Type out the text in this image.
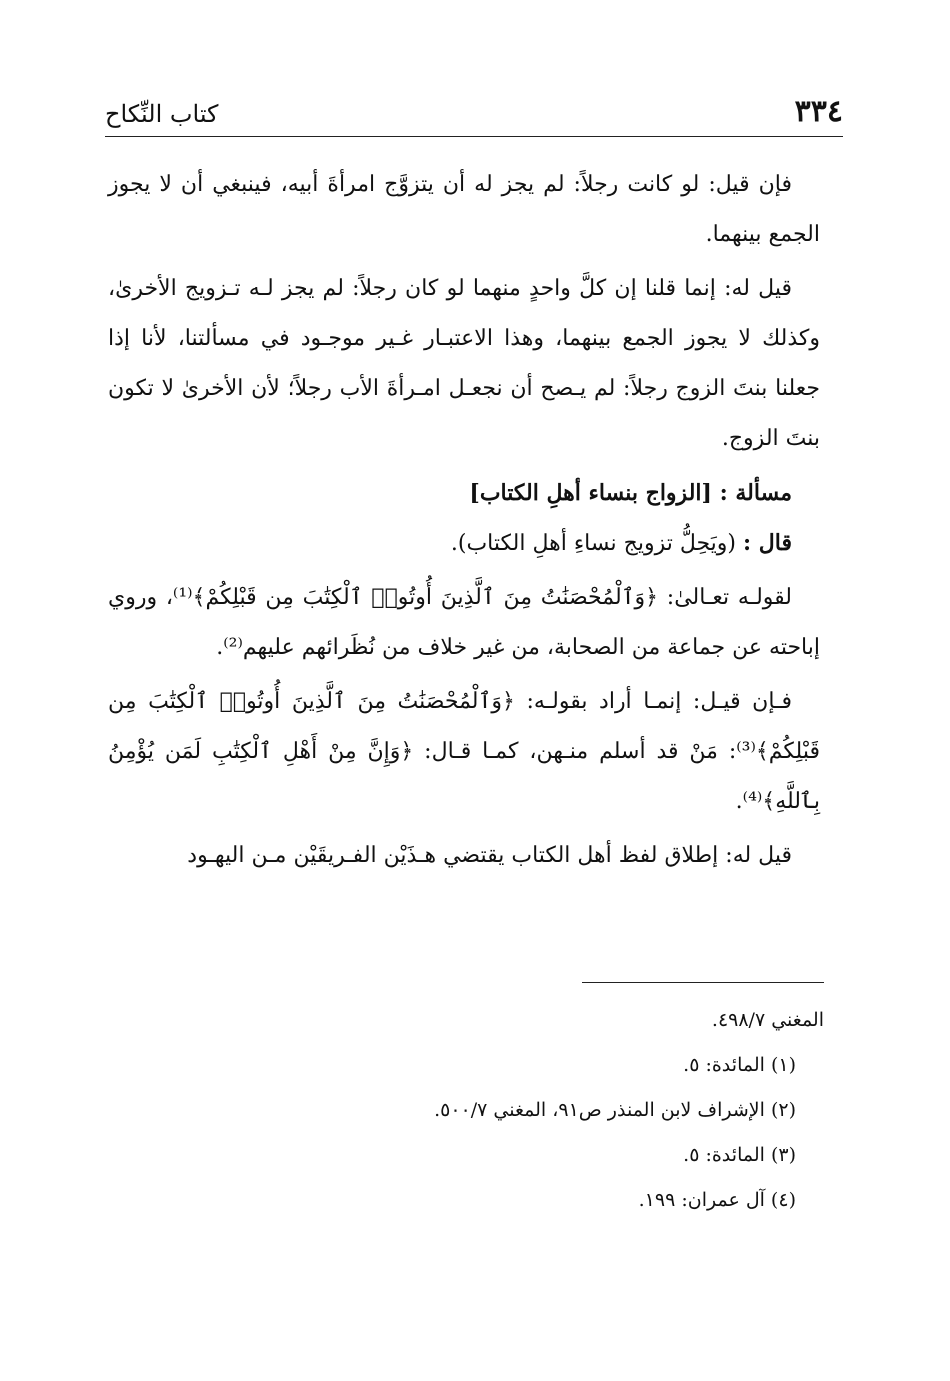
٣٣٤
كتاب النِّكاح

فإن قيل: لو كانت رجلاً: لم يجز له أن يتزوَّج امرأةَ أبيه، فينبغي أن لا يجوز الجمع بينهما.

قيل له: إنما قلنا إن كلَّ واحدٍ منهما لو كان رجلاً: لم يجز لـه تـزويج الأخرىٰ، وكذلك لا يجوز الجمع بينهما، وهذا الاعتبـار غـير موجـود في مسألتنا، لأنا إذا جعلنا بنتَ الزوج رجلاً: لم يـصح أن نجعـل امـرأةَ الأب رجلاً؛ لأن الأخرىٰ لا تكون بنتَ الزوج.

مسألة : [الزواج بنساء أهلِ الكتاب]

قال : (ويَحِلُّ تزويج نساءِ أهلِ الكتاب).

لقولـه تعـالىٰ: ﴿وَٱلْمُحْصَنَٰتُ مِنَ ٱلَّذِينَ أُوتُوا۟ ٱلْكِتَٰبَ مِن قَبْلِكُمْ﴾⁽¹⁾، وروي إباحته عن جماعة من الصحابة، من غير خلاف من نُظَرائهم عليهم⁽²⁾.

فـإن قيـل: إنمـا أراد بقولـه: ﴿وَٱلْمُحْصَنَٰتُ مِنَ ٱلَّذِينَ أُوتُوا۟ ٱلْكِتَٰبَ مِن قَبْلِكُمْ﴾⁽³⁾: مَنْ قد أسلم منـهن، كمـا قـال: ﴿وَإِنَّ مِنْ أَهْلِ ٱلْكِتَٰبِ لَمَن يُؤْمِنُ بِٱللَّهِ﴾⁽⁴⁾.

قيل له: إطلاق لفظ أهل الكتاب يقتضي هـذَيْن الفـريقَيْن مـن اليهـود

المغني ٤٩٨/٧.

(١) المائدة: ٥.

(٢) الإشراف لابن المنذر ص٩١، المغني ٥٠٠/٧.

(٣) المائدة: ٥.

(٤) آل عمران: ١٩٩.
